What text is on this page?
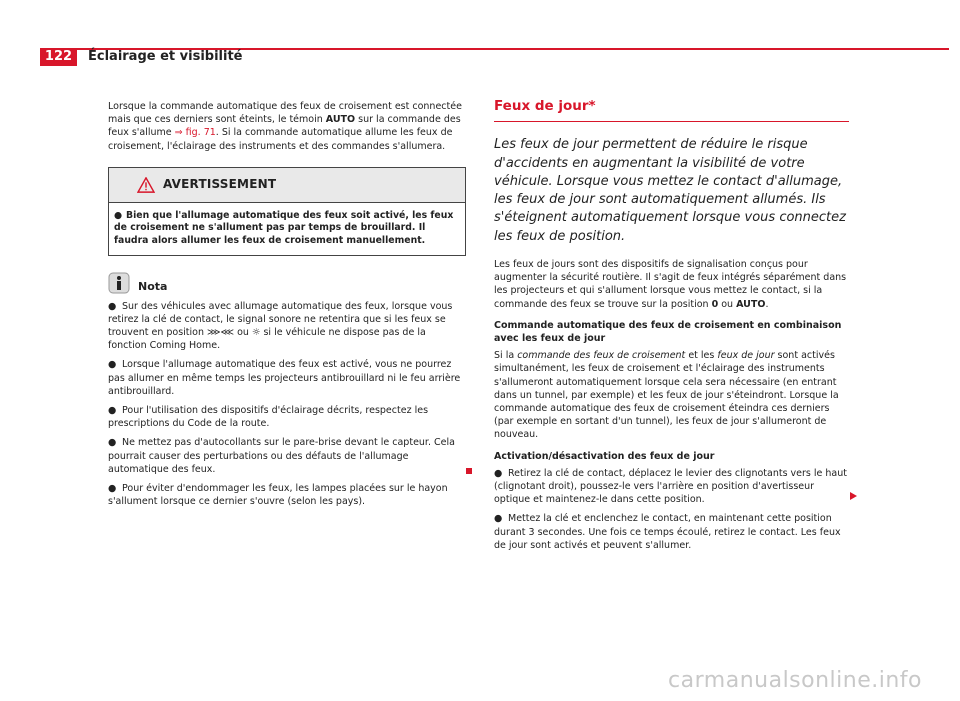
122	Éclairage et visibilité

Lorsque la commande automatique des feux de croisement est connectée mais que ces derniers sont éteints, le témoin AUTO sur la commande des feux s'allume ⇒ fig. 71. Si la commande automatique allume les feux de croisement, l'éclairage des instruments et des commandes s'allumera.

AVERTISSEMENT
● Bien que l'allumage automatique des feux soit activé, les feux de croisement ne s'allument pas par temps de brouillard. Il faudra alors allumer les feux de croisement manuellement.
Nota
● Sur des véhicules avec allumage automatique des feux, lorsque vous retirez la clé de contact, le signal sonore ne retentira que si les feux se trouvent en position ⋙⋘ ou ☼ si le véhicule ne dispose pas de la fonction Coming Home.
● Lorsque l'allumage automatique des feux est activé, vous ne pourrez pas allumer en même temps les projecteurs antibrouillard ni le feu arrière antibrouillard.
● Pour l'utilisation des dispositifs d'éclairage décrits, respectez les prescriptions du Code de la route.
● Ne mettez pas d'autocollants sur le pare-brise devant le capteur. Cela pourrait causer des perturbations ou des défauts de l'allumage automatique des feux.
● Pour éviter d'endommager les feux, les lampes placées sur le hayon s'allument lorsque ce dernier s'ouvre (selon les pays).
Feux de jour*
Les feux de jour permettent de réduire le risque d'accidents en augmentant la visibilité de votre véhicule. Lorsque vous mettez le contact d'allumage, les feux de jour sont automatiquement allumés. Ils s'éteignent automatiquement lorsque vous connectez les feux de position.

Les feux de jours sont des dispositifs de signalisation conçus pour augmenter la sécurité routière. Il s'agit de feux intégrés séparément dans les projecteurs et qui s'allument lorsque vous mettez le contact, si la commande des feux se trouve sur la position 0 ou AUTO.

Commande automatique des feux de croisement en combinaison avec les feux de jour

Si la commande des feux de croisement et les feux de jour sont activés simultanément, les feux de croisement et l'éclairage des instruments s'allumeront automatiquement lorsque cela sera nécessaire (en entrant dans un tunnel, par exemple) et les feux de jour s'éteindront. Lorsque la commande automatique des feux de croisement éteindra ces derniers (par exemple en sortant d'un tunnel), les feux de jour s'allumeront de nouveau.

Activation/désactivation des feux de jour
● Retirez la clé de contact, déplacez le levier des clignotants vers le haut (clignotant droit), poussez-le vers l'arrière en position d'avertisseur optique et maintenez-le dans cette position.
● Mettez la clé et enclenchez le contact, en maintenant cette position durant 3 secondes. Une fois ce temps écoulé, retirez le contact. Les feux de jour sont activés et peuvent s'allumer.
carmanualsonline.info
